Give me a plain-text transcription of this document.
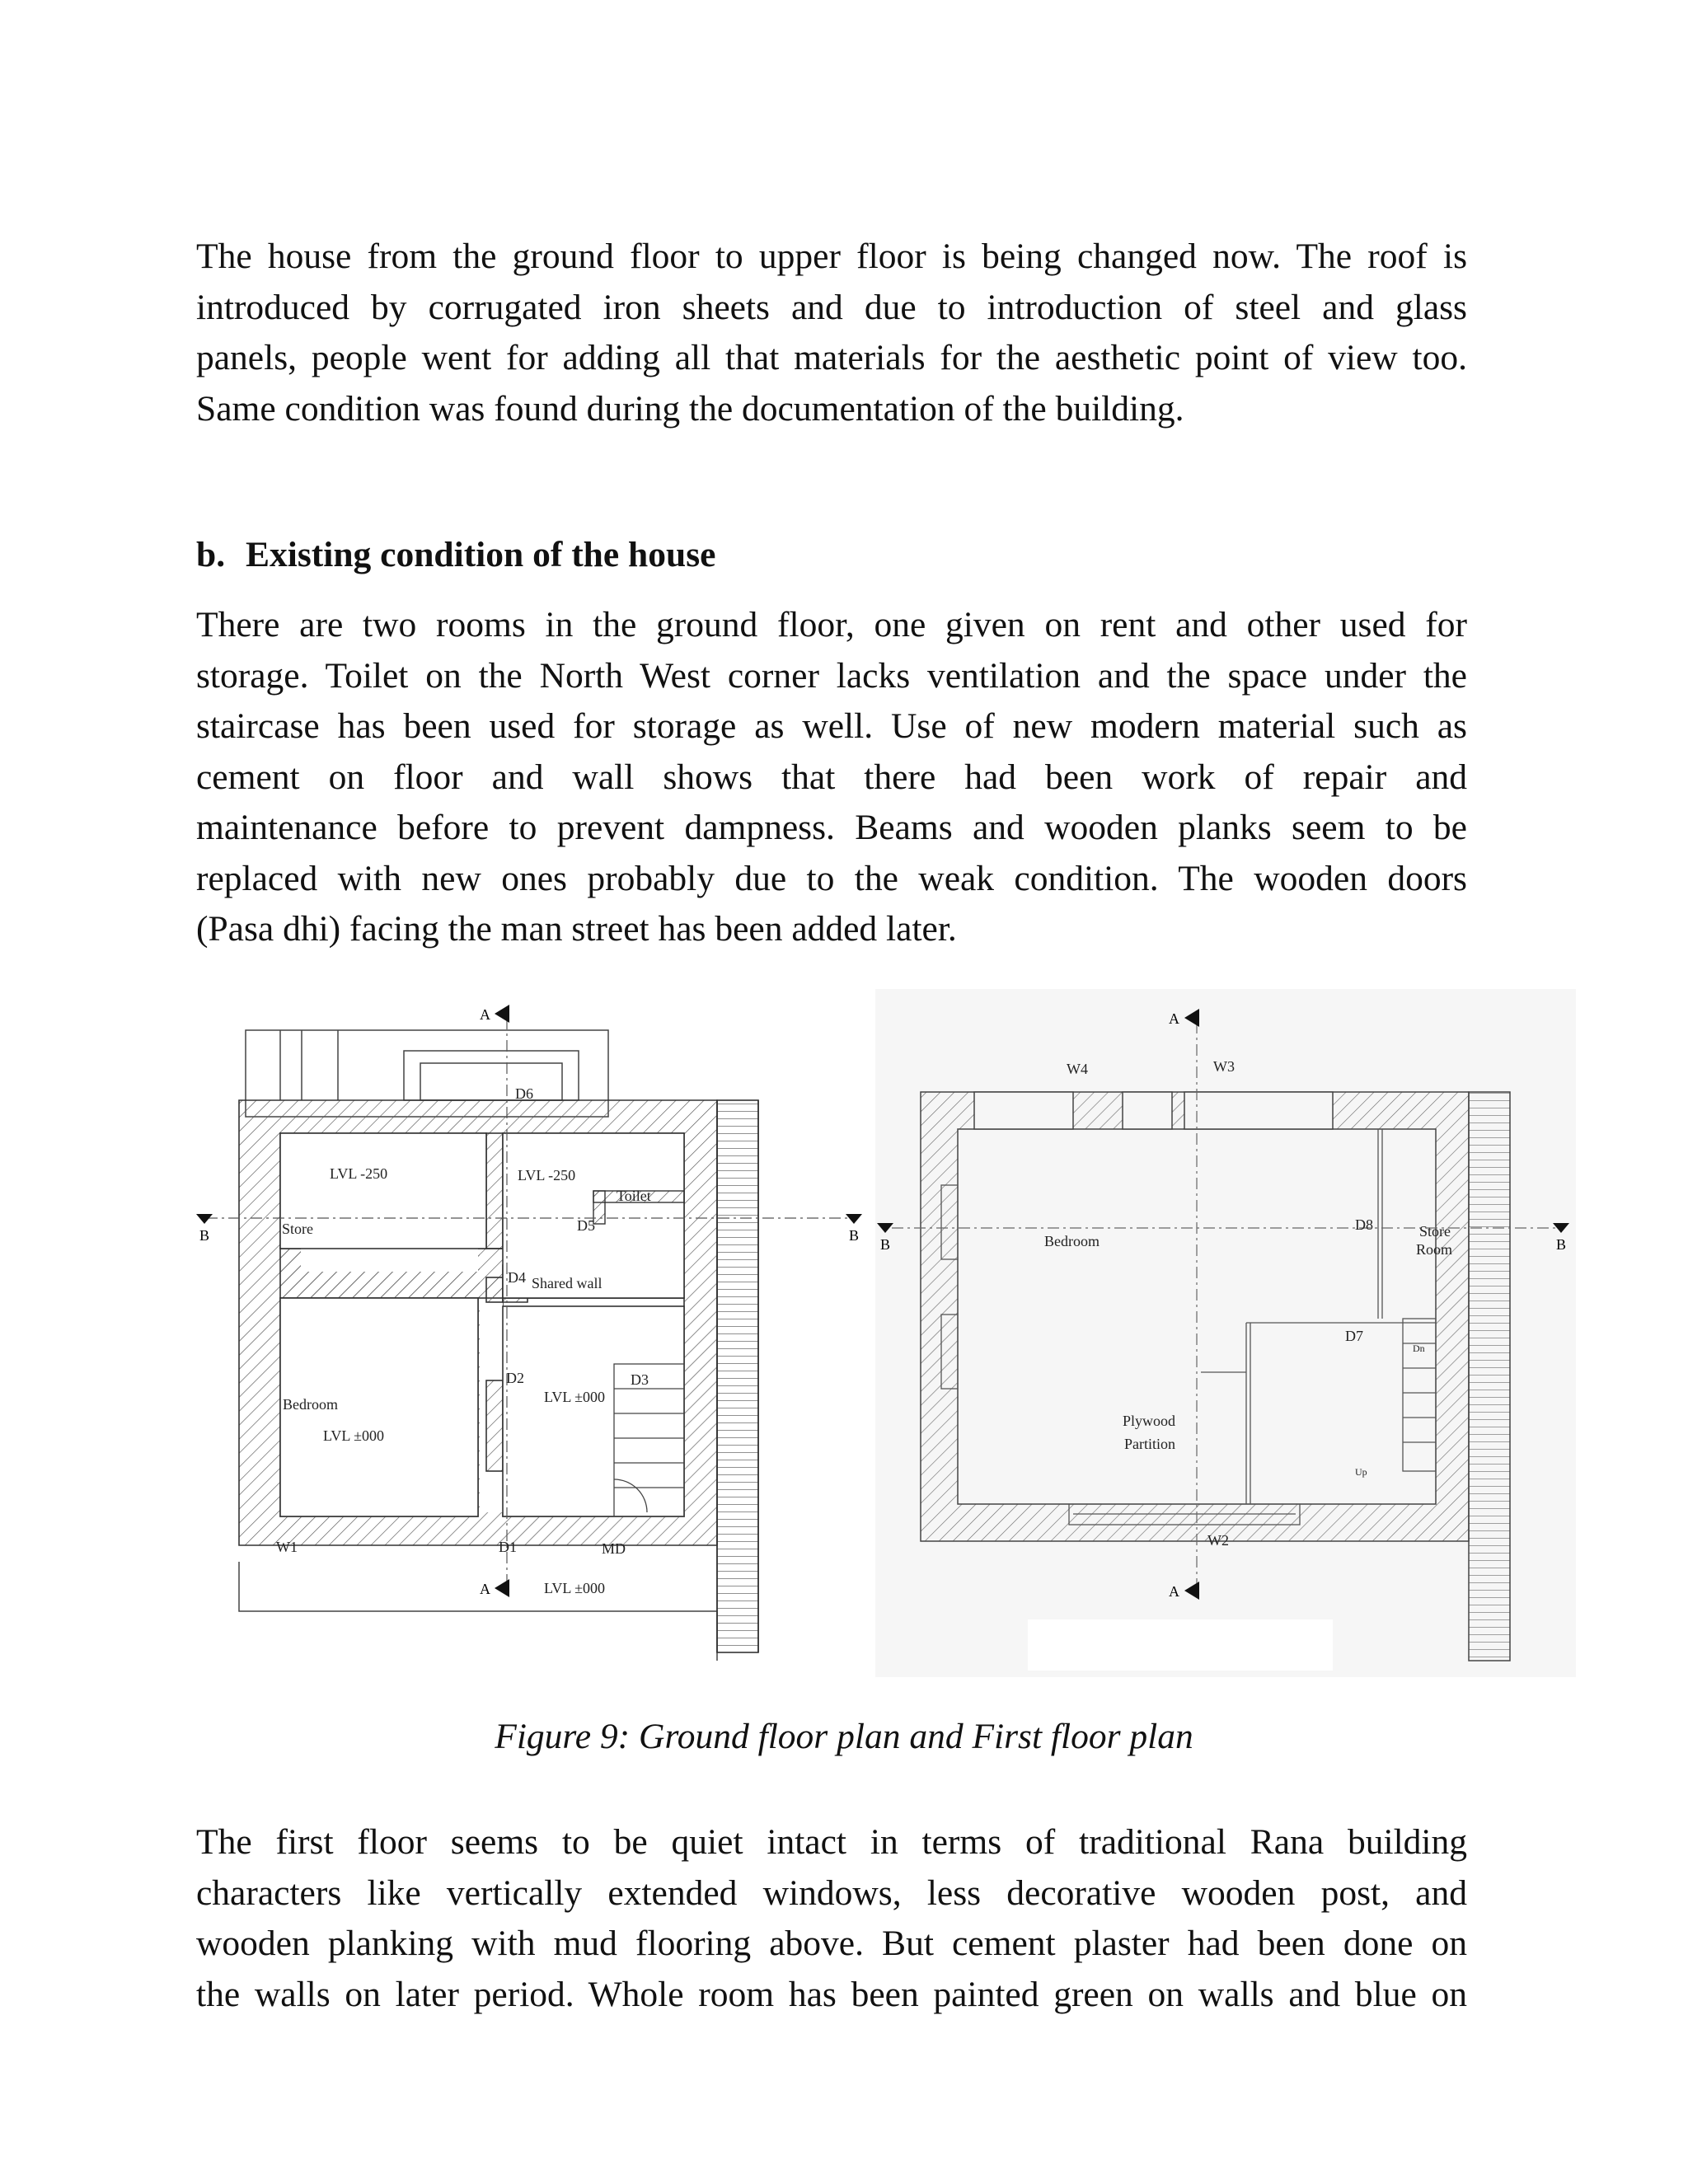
The house from the ground floor to upper floor is being changed now. The roof is
introduced by corrugated iron sheets and due to introduction of steel and glass
panels, people went for adding all that materials for the aesthetic point of view too.
Same condition was found during the documentation of the building.
b. Existing condition of the house
There are two rooms in the ground floor, one given on rent and other used for
storage. Toilet on the North West corner lacks ventilation and the space under the
staircase has been used for storage as well. Use of new modern material such as
cement on floor and wall shows that there had been work of repair and
maintenance before to prevent dampness. Beams and wooden planks seem to be
replaced with new ones probably due to the weak condition. The wooden doors
(Pasa dhi) facing the man street has been added later.
A
A
B	B
D6
LVL -250	LVL -250
Toilet
Store	D5
Shared wall
D4
D2	D3
LVL ±000
Bedroom
LVL ±000
W1	D1	MD
LVL ±000
A
A
B	B
W4	W3
Bedroom
D8	Store
Room
D7
Dn
Up
Plywood
Partition
W2

Figure 9: Ground floor plan and First floor plan

The first floor seems to be quiet intact in terms of traditional Rana building
characters like vertically extended windows, less decorative wooden post, and
wooden planking with mud flooring above. But cement plaster had been done on
the walls on later period. Whole room has been painted green on walls and blue on
